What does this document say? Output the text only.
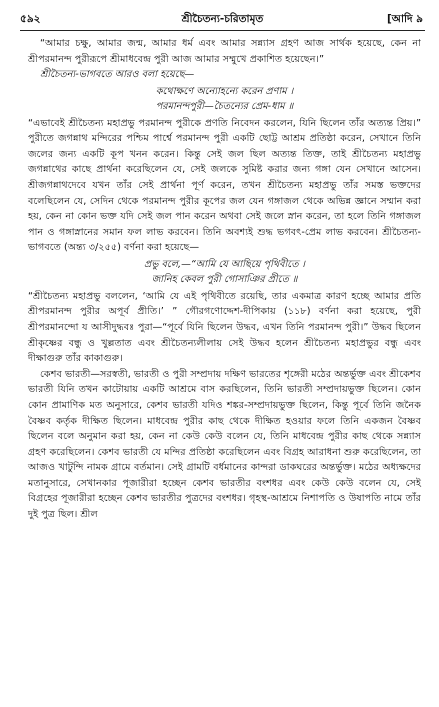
৫৯২	শ্রীচৈতন্য-চরিতামৃত	[আদি ৯

“আমার চক্ষু, আমার জন্ম, আমার ধর্ম এবং আমার সন্ন্যাস গ্রহণ আজ সার্থক হয়েছে, কেন না শ্রীপরমানন্দ পুরীরূপে শ্রীমাধবেন্দ্র পুরী আজ আমার সম্মুখে প্রকাশিত হয়েছেন।”

শ্রীচৈতন্য-ভাগবতে আরও বলা হয়েছে—

কথোক্ষণে অন্যোহন্যে করেন প্রণাম ।
পরমানন্দপুরী—চৈতন্যের প্রেম-ধাম ॥

“এভাবেই শ্রীচৈতন্য মহাপ্রভু পরমানন্দ পুরীকে প্রণতি নিবেদন করলেন, যিনি ছিলেন তাঁর অত্যন্ত প্রিয়।” পুরীতে জগন্নাথ মন্দিরের পশ্চিম পার্শ্বে পরমানন্দ পুরী একটি ছোট্ট আশ্রম প্রতিষ্ঠা করেন, সেখানে তিনি জলের জন্য একটি কূপ খনন করেন। কিন্তু সেই জল ছিল অত্যন্ত তিক্ত, তাই শ্রীচৈতন্য মহাপ্রভু জগন্নাথের কাছে প্রার্থনা করেছিলেন যে, সেই জলকে সুমিষ্ট করার জন্য গঙ্গা যেন সেখানে আসেন। শ্রীজগন্নাথদেবে যখন তাঁর সেই প্রার্থনা পূর্ণ করেন, তখন শ্রীচৈতন্য মহাপ্রভু তাঁর সমস্ত ভক্তদের বলেছিলেন যে, সেদিন থেকে পরমানন্দ পুরীর কূপের জল যেন গঙ্গাজল থেকে অভিন্ন জ্ঞানে সম্মান করা হয়, কেন না কোন ভক্ত যদি সেই জল পান করেন অথবা সেই জলে স্নান করেন, তা হলে তিনি গঙ্গাজল পান ও গঙ্গাস্নানের সমান ফল লাভ করবেন। তিনি অবশ্যই শুদ্ধ ভগবৎ-প্রেম লাভ করবেন। শ্রীচৈতন্য-ভাগবতে (অন্ত্য ৩/২৫৫) বর্ণনা করা হয়েছে—

প্রভু বলে,—“আমি যে আছিয়ে পৃথিবীতে ।
জানিহ কেবল পুরী গোসাঞির প্রীতে ॥

“শ্রীচৈতন্য মহাপ্রভু বললেন, ‘আমি যে এই পৃথিবীতে রয়েছি, তার একমাত্র কারণ হচ্ছে আমার প্রতি শ্রীপরমানন্দ পুরীর অপূর্ব প্রীতি।’ ” গৌরগণোদ্দেশ-দীপিকায় (১১৮) বর্ণনা করা হয়েছে, পুরী শ্রীপরমানন্দো য আসীদুদ্ধবঃ পুরা—“পূর্বে যিনি ছিলেন উদ্ধব, এখন তিনি পরমানন্দ পুরী।” উদ্ধব ছিলেন শ্রীকৃষ্ণের বন্ধু ও খুল্লতাত এবং শ্রীচৈতন্যলীলায় সেই উদ্ধব হলেন শ্রীচৈতন্য মহাপ্রভুর বন্ধু এবং দীক্ষাগুরু তাঁর কাকাগুরু।

কেশব ভারতী—সরস্বতী, ভারতী ও পুরী সম্প্রদায় দক্ষিণ ভারতের শৃঙ্গেরী মঠের অন্তর্ভুক্ত এবং শ্রীকেশব ভারতী যিনি তখন কাটোয়ায় একটি আশ্রমে বাস করছিলেন, তিনি ভারতী সম্প্রদায়ভুক্ত ছিলেন। কোন কোন প্রামাণিক মত অনুসারে, কেশব ভারতী যদিও শঙ্কর-সম্প্রদায়ভুক্ত ছিলেন, কিন্তু পূর্বে তিনি জনৈক বৈষ্ণব কর্তৃক দীক্ষিত ছিলেন। মাধবেন্দ্র পুরীর কাছ থেকে দীক্ষিত হওয়ার ফলে তিনি একজন বৈষ্ণব ছিলেন বলে অনুমান করা হয়, কেন না কেউ কেউ বলেন যে, তিনি মাধবেন্দ্র পুরীর কাছ থেকে সন্ন্যাস গ্রহণ করেছিলেন। কেশব ভারতী যে মন্দির প্রতিষ্ঠা করেছিলেন এবং বিগ্রহ আরাধনা শুরু করেছিলেন, তা আজও খাটুন্দি নামক গ্রামে বর্তমান। সেই গ্রামটি বর্ধমানের কান্দরা ডাকঘরের অন্তর্ভুক্ত। মঠের অধ্যক্ষদের মতানুসারে, সেখানকার পূজারীরা হচ্ছেন কেশব ভারতীর বংশধর এবং কেউ কেউ বলেন যে, সেই বিগ্রহের পূজারীরা হচ্ছেন কেশব ভারতীর পুত্রদের বংশধর। গৃহস্থ-আশ্রমে নিশাপতি ও উষাপতি নামে তাঁর দুই পুত্র ছিল। শ্রীল
